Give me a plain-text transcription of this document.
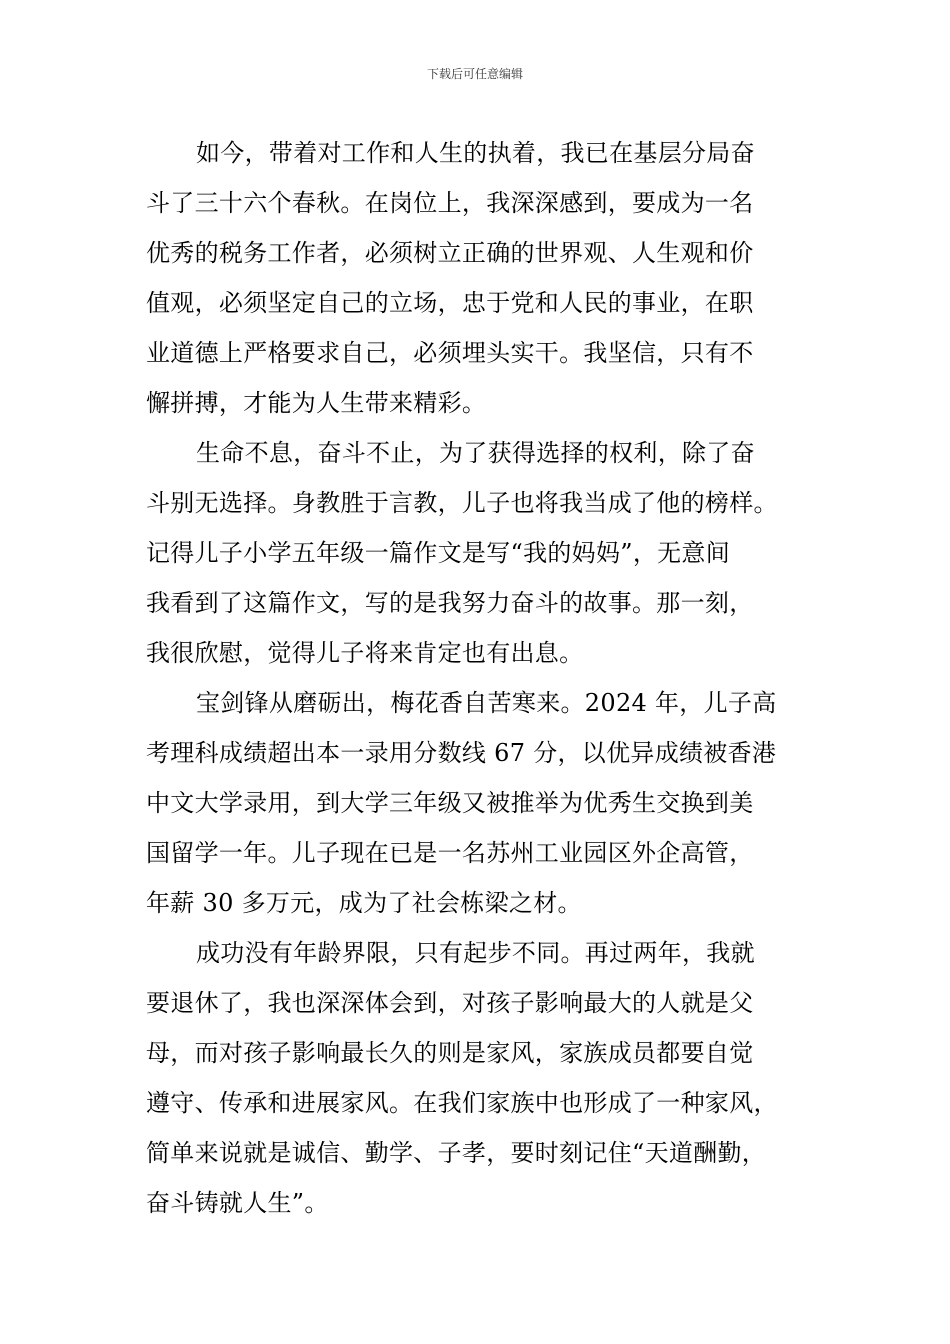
下载后可任意编辑
如今，带着对工作和人生的执着，我已在基层分局奋
斗了三十六个春秋。在岗位上，我深深感到，要成为一名
优秀的税务工作者，必须树立正确的世界观、人生观和价
值观，必须坚定自己的立场，忠于党和人民的事业，在职
业道德上严格要求自己，必须埋头实干。我坚信，只有不
懈拼搏，才能为人生带来精彩。
生命不息，奋斗不止，为了获得选择的权利，除了奋
斗别无选择。身教胜于言教，儿子也将我当成了他的榜样。
记得儿子小学五年级一篇作文是写“我的妈妈”，无意间
我看到了这篇作文，写的是我努力奋斗的故事。那一刻，
我很欣慰，觉得儿子将来肯定也有出息。
宝剑锋从磨砺出，梅花香自苦寒来。2024 年，儿子高
考理科成绩超出本一录用分数线 67 分，以优异成绩被香港
中文大学录用，到大学三年级又被推举为优秀生交换到美
国留学一年。儿子现在已是一名苏州工业园区外企高管，
年薪 30 多万元，成为了社会栋梁之材。
成功没有年龄界限，只有起步不同。再过两年，我就
要退休了，我也深深体会到，对孩子影响最大的人就是父
母，而对孩子影响最长久的则是家风，家族成员都要自觉
遵守、传承和进展家风。在我们家族中也形成了一种家风，
简单来说就是诚信、勤学、子孝，要时刻记住“天道酬勤，
奋斗铸就人生”。
